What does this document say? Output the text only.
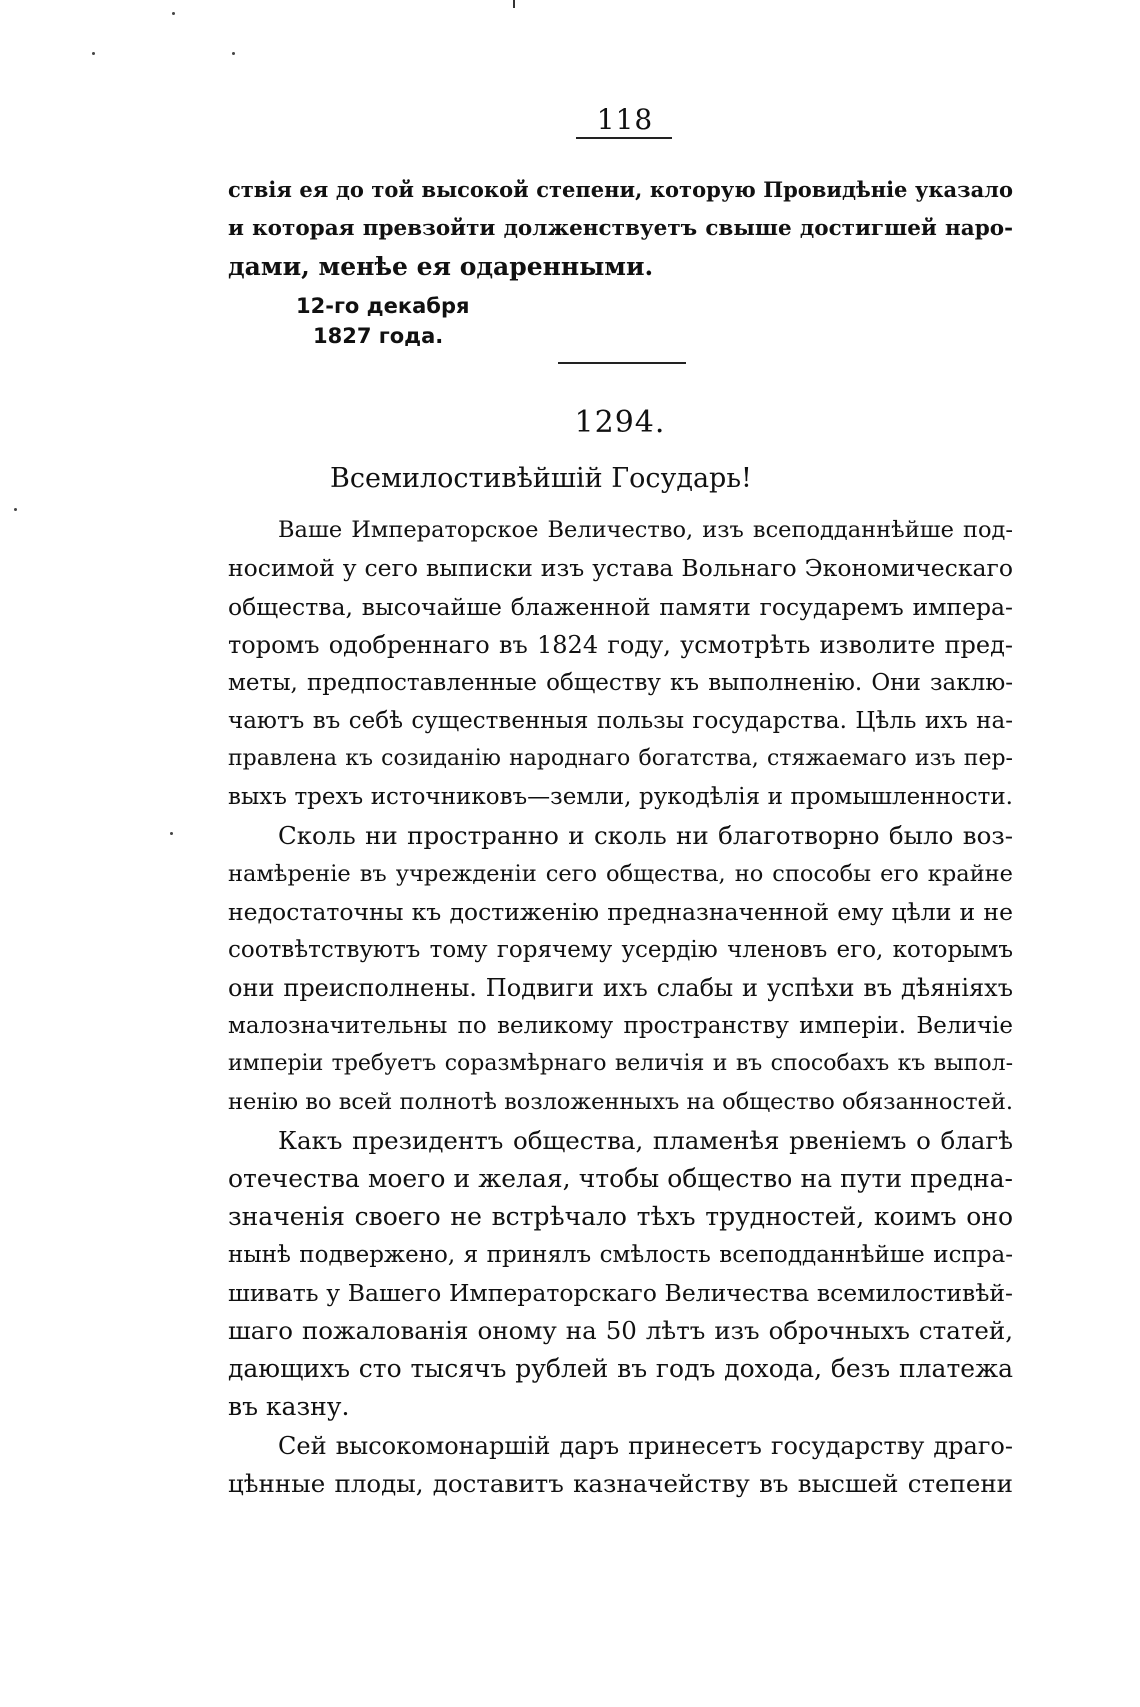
118
ствія ея до той высокой степени, которую Провидѣніе указало
и которая превзойти долженствуетъ свыше достигшей наро-
дами, менѣе ея одаренными.
12-го декабря
1827 года.
1294.
Всемилостивѣйшій Государь!
Ваше Императорское Величество, изъ всеподданнѣйше под-
носимой у сего выписки изъ устава Вольнаго Экономическаго
общества, высочайше блаженной памяти государемъ импера-
торомъ одобреннаго въ 1824 году, усмотрѣть изволите пред-
меты, предпоставленные обществу къ выполненію. Они заклю-
чаютъ въ себѣ существенныя пользы государства. Цѣль ихъ на-
правлена къ созиданію народнаго богатства, стяжаемаго изъ пер-
выхъ трехъ источниковъ—земли, рукодѣлія и промышленности.
Сколь ни пространно и сколь ни благотворно было воз-
намѣреніе въ учрежденіи сего общества, но способы его крайне
недостаточны къ достиженію предназначенной ему цѣли и не
соотвѣтствуютъ тому горячему усердію членовъ его, которымъ
они преисполнены. Подвиги ихъ слабы и успѣхи въ дѣяніяхъ
малозначительны по великому пространству имперіи. Величіе
имперіи требуетъ соразмѣрнаго величія и въ способахъ къ выпол-
ненію во всей полнотѣ возложенныхъ на общество обязанностей.
Какъ президентъ общества, пламенѣя рвеніемъ о благѣ
отечества моего и желая, чтобы общество на пути предна-
значенія своего не встрѣчало тѣхъ трудностей, коимъ оно
нынѣ подвержено, я принялъ смѣлость всеподданнѣйше испра-
шивать у Вашего Императорскаго Величества всемилостивѣй-
шаго пожалованія оному на 50 лѣтъ изъ оброчныхъ статей,
дающихъ сто тысячъ рублей въ годъ дохода, безъ платежа
въ казну.
Сей высокомонаршій даръ принесетъ государству драго-
цѣнные плоды, доставитъ казначейству въ высшей степени
